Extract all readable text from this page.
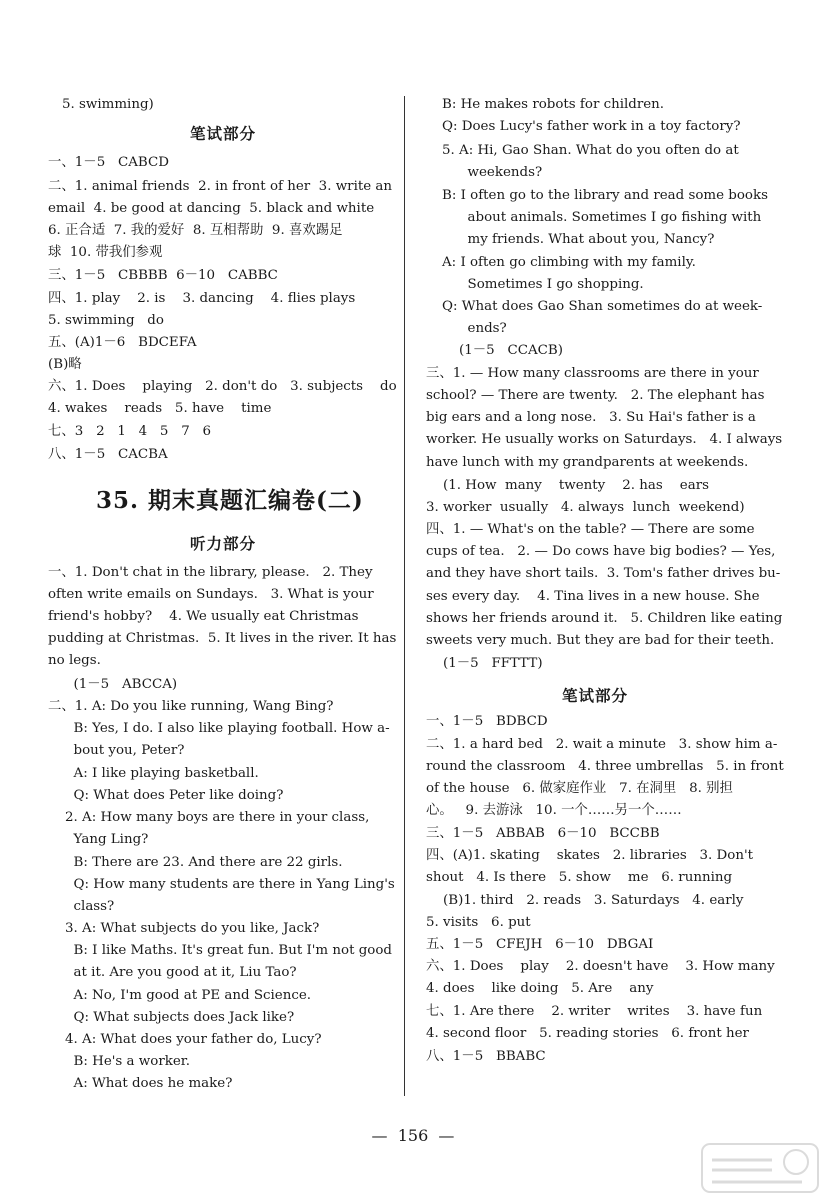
5. swimming)
笔试部分
一、1－5   CABCD
二、1. animal friends  2. in front of her  3. write an
email  4. be good at dancing  5. black and white
6. 正合适  7. 我的爱好  8. 互相帮助  9. 喜欢踢足
球  10. 带我们参观
三、1－5   CBBBB  6－10   CABBC
四、1. play    2. is    3. dancing    4. flies plays
5. swimming   do
五、(A)1－6   BDCEFA
(B)略
六、1. Does    playing   2. don't do   3. subjects    do
4. wakes    reads   5. have    time
七、3   2   1   4   5   7   6
八、1－5   CACBA
35. 期末真题汇编卷(二)
听力部分
一、1. Don't chat in the library, please.   2. They
often write emails on Sundays.   3. What is your
friend's hobby?    4. We usually eat Christmas
pudding at Christmas.  5. It lives in the river. It has
no legs.
(1－5   ABCCA)
二、1. A: Do you like running, Wang Bing?
B: Yes, I do. I also like playing football. How a-
bout you, Peter?
A: I like playing basketball.
Q: What does Peter like doing?
2. A: How many boys are there in your class,
Yang Ling?
B: There are 23. And there are 22 girls.
Q: How many students are there in Yang Ling's
class?
3. A: What subjects do you like, Jack?
B: I like Maths. It's great fun. But I'm not good
at it. Are you good at it, Liu Tao?
A: No, I'm good at PE and Science.
Q: What subjects does Jack like?
4. A: What does your father do, Lucy?
B: He's a worker.
A: What does he make?
B: He makes robots for children.
Q: Does Lucy's father work in a toy factory?
5. A: Hi, Gao Shan. What do you often do at
weekends?
B: I often go to the library and read some books
about animals. Sometimes I go fishing with
my friends. What about you, Nancy?
A: I often go climbing with my family.
Sometimes I go shopping.
Q: What does Gao Shan sometimes do at week-
ends?
(1－5   CCACB)
三、1. — How many classrooms are there in your
school? — There are twenty.   2. The elephant has
big ears and a long nose.   3. Su Hai's father is a
worker. He usually works on Saturdays.   4. I always
have lunch with my grandparents at weekends.
(1. How  many    twenty    2. has    ears
3. worker  usually   4. always  lunch  weekend)
四、1. — What's on the table? — There are some
cups of tea.   2. — Do cows have big bodies? — Yes,
and they have short tails.  3. Tom's father drives bu-
ses every day.    4. Tina lives in a new house. She
shows her friends around it.   5. Children like eating
sweets very much. But they are bad for their teeth.
(1－5   FFTTT)
笔试部分
一、1－5   BDBCD
二、1. a hard bed   2. wait a minute   3. show him a-
round the classroom   4. three umbrellas   5. in front
of the house   6. 做家庭作业   7. 在洞里   8. 别担
心。   9. 去游泳   10. 一个……另一个……
三、1－5   ABBAB   6－10   BCCBB
四、(A)1. skating    skates   2. libraries   3. Don't
shout   4. Is there   5. show    me   6. running
(B)1. third   2. reads   3. Saturdays   4. early
5. visits   6. put
五、1－5   CFEJH   6－10   DBGAI
六、1. Does    play    2. doesn't have    3. How many
4. does    like doing   5. Are    any
七、1. Are there    2. writer    writes    3. have fun
4. second floor   5. reading stories   6. front her
八、1－5   BBABC
—  156  —
